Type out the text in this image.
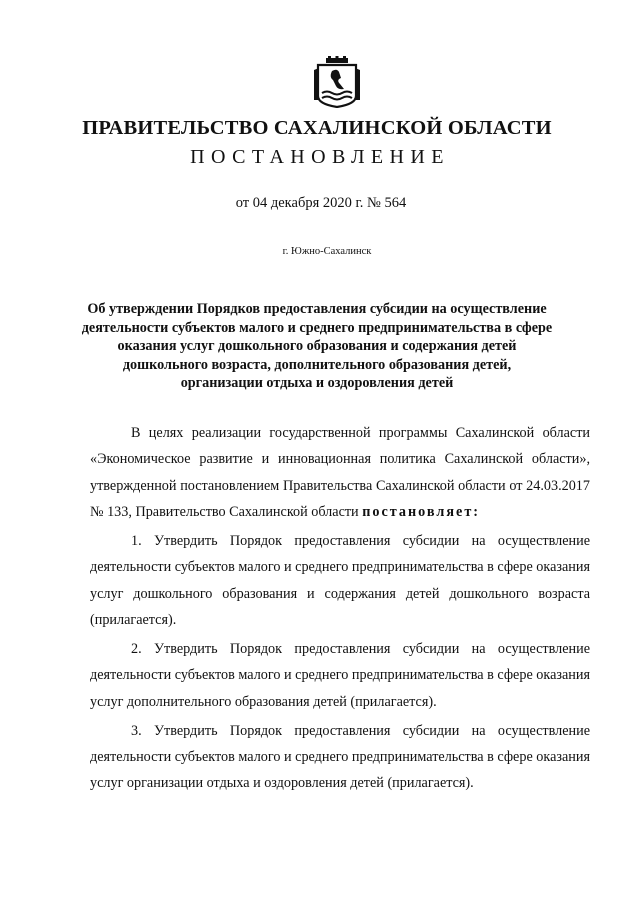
ПРАВИТЕЛЬСТВО САХАЛИНСКОЙ ОБЛАСТИ
ПОСТАНОВЛЕНИЕ
от 04 декабря 2020 г. № 564
г. Южно-Сахалинск
Об утверждении Порядков предоставления субсидии на осуществление
деятельности субъектов малого и среднего предпринимательства в сфере
оказания услуг дошкольного образования и содержания детей
дошкольного возраста, дополнительного образования детей,
организации отдыха и оздоровления детей

В целях реализации государственной программы Сахалинской области «Экономическое развитие и инновационная политика Сахалинской области», утвержденной постановлением Правительства Сахалинской области от 24.03.2017 № 133, Правительство Сахалинской области постановляет:

1. Утвердить Порядок предоставления субсидии на осуществление деятельности субъектов малого и среднего предпринимательства в сфере оказания услуг дошкольного образования и содержания детей дошкольного возраста (прилагается).

2. Утвердить Порядок предоставления субсидии на осуществление деятельности субъектов малого и среднего предпринимательства в сфере оказания услуг дополнительного образования детей (прилагается).

3. Утвердить Порядок предоставления субсидии на осуществление деятельности субъектов малого и среднего предпринимательства в сфере оказания услуг организации отдыха и оздоровления детей (прилагается).
